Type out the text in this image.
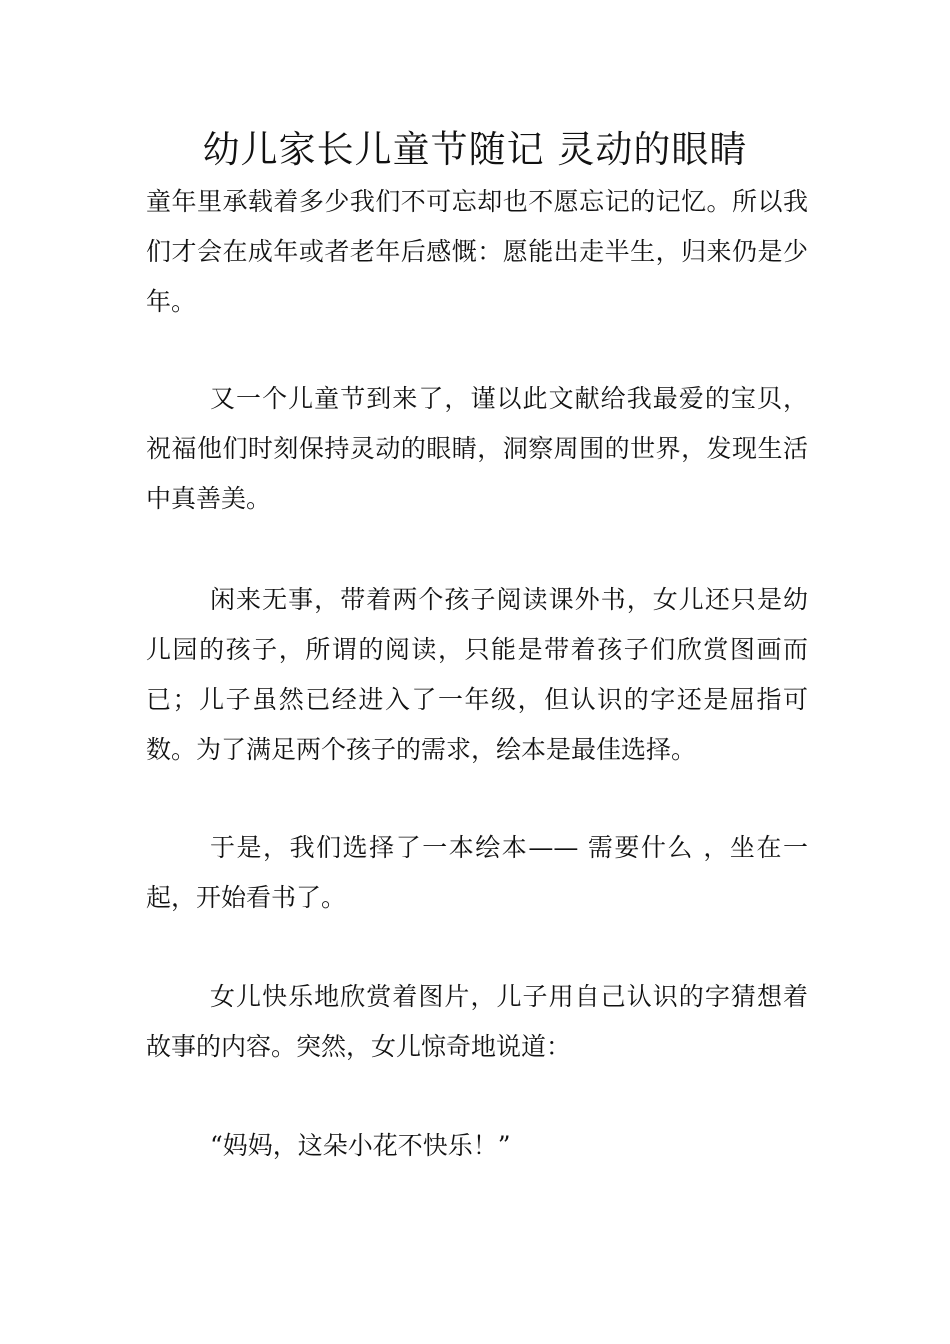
幼儿家长儿童节随记 灵动的眼睛

童年里承载着多少我们不可忘却也不愿忘记的记忆。所以我们才会在成年或者老年后感慨：愿能出走半生，归来仍是少年。

又一个儿童节到来了，谨以此文献给我最爱的宝贝，祝福他们时刻保持灵动的眼睛，洞察周围的世界，发现生活中真善美。

闲来无事，带着两个孩子阅读课外书，女儿还只是幼儿园的孩子，所谓的阅读，只能是带着孩子们欣赏图画而已；儿子虽然已经进入了一年级，但认识的字还是屈指可数。为了满足两个孩子的需求，绘本是最佳选择。

于是，我们选择了一本绘本—— 需要什么 ，坐在一起，开始看书了。

女儿快乐地欣赏着图片，儿子用自己认识的字猜想着故事的内容。突然，女儿惊奇地说道：

“妈妈，这朵小花不快乐！”
